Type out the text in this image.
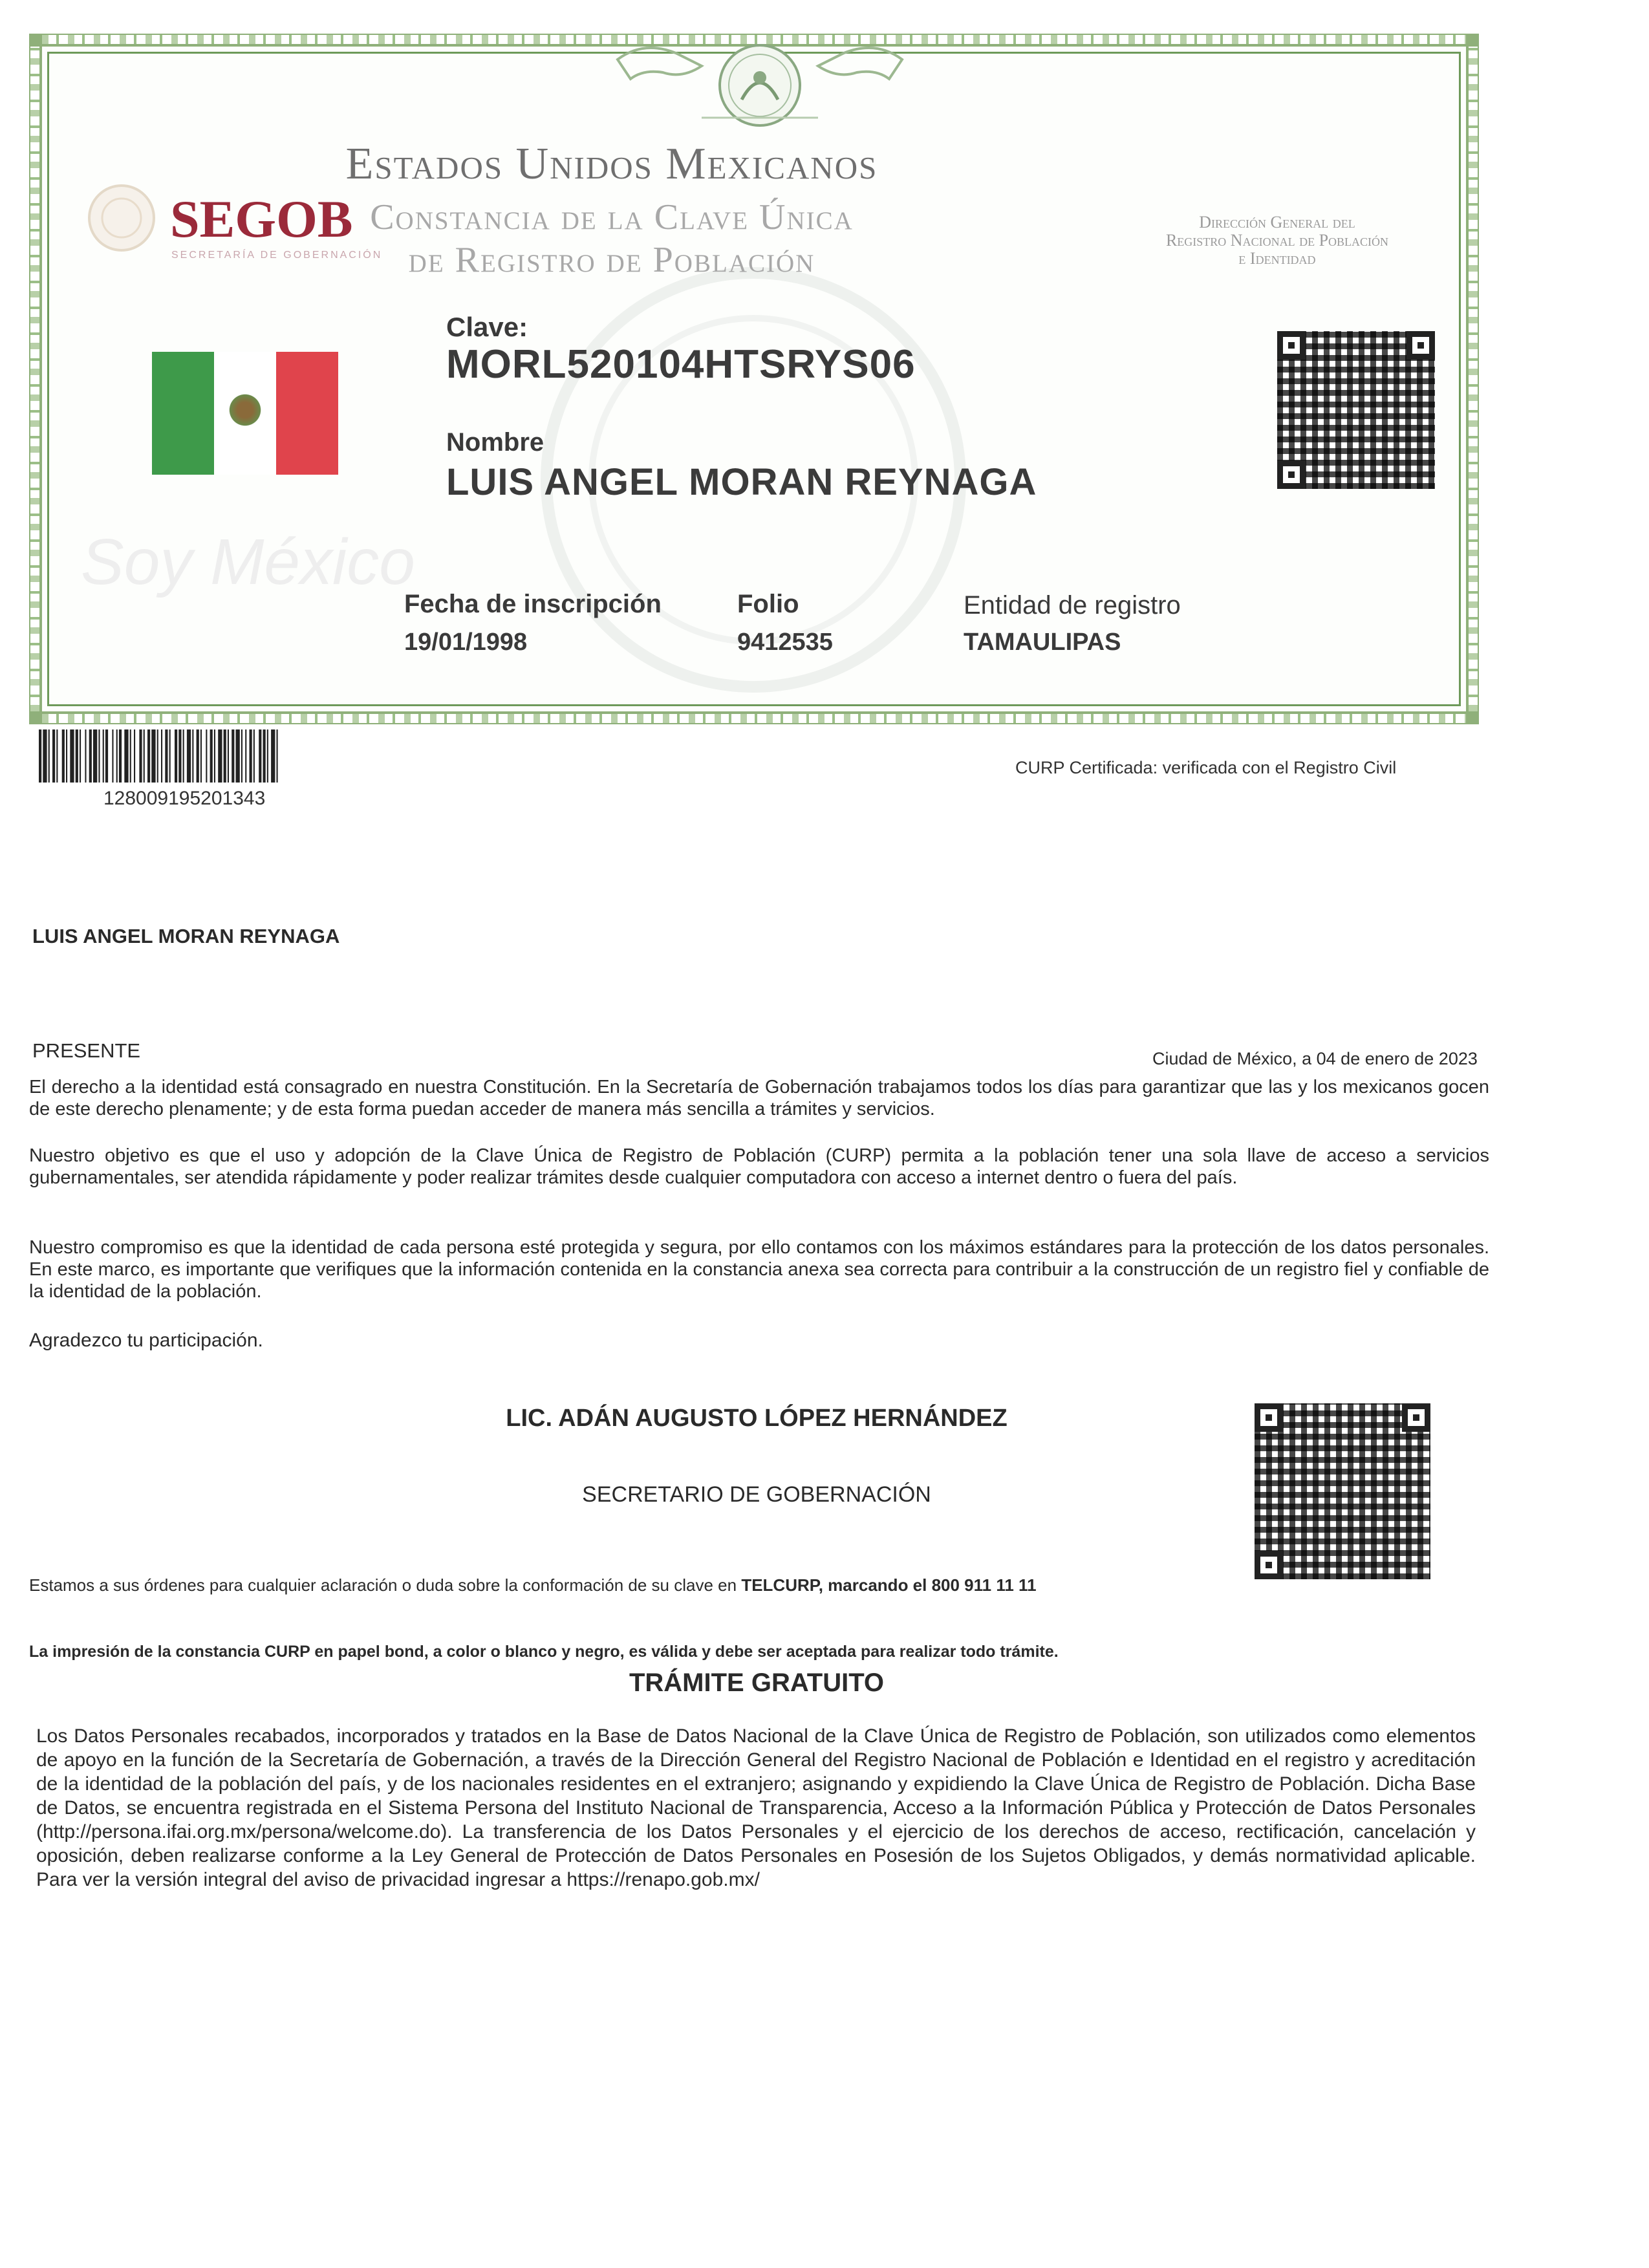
Estados Unidos Mexicanos
Constancia de la Clave Única
de Registro de Población
SEGOB
SECRETARÍA DE GOBERNACIÓN
Dirección General del
Registro Nacional de Población
e Identidad
Soy México
Clave:
MORL520104HTSRYS06
Nombre
LUIS ANGEL MORAN REYNAGA
Fecha de inscripción
19/01/1998
Folio
9412535
Entidad de registro
TAMAULIPAS
128009195201343
CURP Certificada: verificada con el Registro Civil
LUIS ANGEL MORAN REYNAGA
PRESENTE	Ciudad de México, a 04 de enero de 2023
El derecho a la identidad está consagrado en nuestra Constitución. En la Secretaría de Gobernación trabajamos todos los días para garantizar que las y los mexicanos gocen de este derecho plenamente; y de esta forma puedan acceder de manera más sencilla a trámites y servicios.
Nuestro objetivo es que el uso y adopción de la Clave Única de Registro de Población (CURP) permita a la población tener una sola llave de acceso a servicios gubernamentales, ser atendida rápidamente y poder realizar trámites desde cualquier computadora con acceso a internet dentro o fuera del país.
Nuestro compromiso es que la identidad de cada persona esté protegida y segura, por ello contamos con los máximos estándares para la protección de los datos personales. En este marco, es importante que verifiques que la información contenida en la constancia anexa sea correcta para contribuir a la construcción de un registro fiel y confiable de la identidad de la población.
Agradezco tu participación.
LIC. ADÁN AUGUSTO LÓPEZ HERNÁNDEZ
SECRETARIO DE GOBERNACIÓN
Estamos a sus órdenes para cualquier aclaración o duda sobre la conformación de su clave en TELCURP, marcando el 800 911 11 11
La impresión de la constancia CURP en papel bond, a color o blanco y negro, es válida y debe ser aceptada para realizar todo trámite.
TRÁMITE GRATUITO
Los Datos Personales recabados, incorporados y tratados en la Base de Datos Nacional de la Clave Única de Registro de Población, son utilizados como elementos de apoyo en la función de la Secretaría de Gobernación, a través de la Dirección General del Registro Nacional de Población e Identidad en el registro y acreditación de la identidad de la población del país, y de los nacionales residentes en el extranjero; asignando y expidiendo la Clave Única de Registro de Población. Dicha Base de Datos, se encuentra registrada en el Sistema Persona del Instituto Nacional de Transparencia, Acceso a la Información Pública y Protección de Datos Personales (http://persona.ifai.org.mx/persona/welcome.do). La transferencia de los Datos Personales y el ejercicio de los derechos de acceso, rectificación, cancelación y oposición, deben realizarse conforme a la Ley General de Protección de Datos Personales en Posesión de los Sujetos Obligados, y demás normatividad aplicable. Para ver la versión integral del aviso de privacidad ingresar a https://renapo.gob.mx/
